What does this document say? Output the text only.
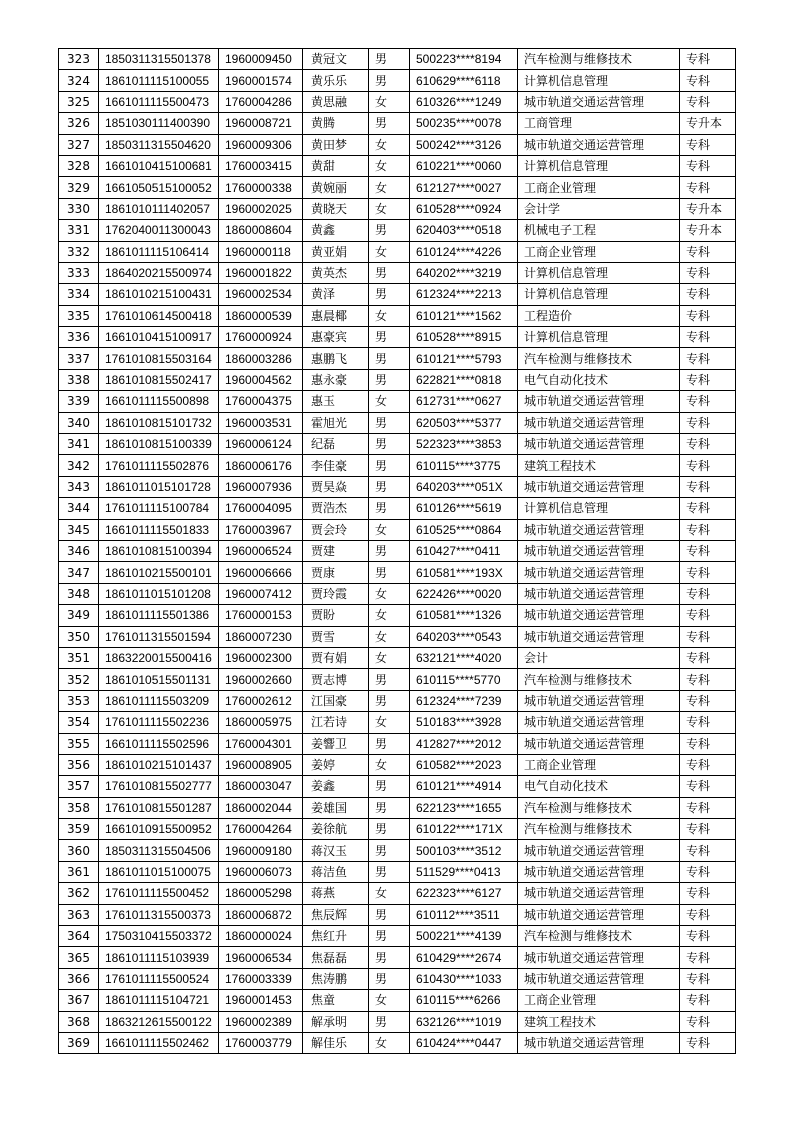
323	1850311315501378	1960009450	黄冠文	男	500223****8194	汽车检测与维修技术	专科
324	1861011115100055	1960001574	黄乐乐	男	610629****6118	计算机信息管理	专科
325	1661011115500473	1760004286	黄思融	女	610326****1249	城市轨道交通运营管理	专科
326	1851030111400390	1960008721	黄腾	男	500235****0078	工商管理	专升本
327	1850311315504620	1960009306	黄田梦	女	500242****3126	城市轨道交通运营管理	专科
328	1661010415100681	1760003415	黄甜	女	610221****0060	计算机信息管理	专科
329	1661050515100052	1760000338	黄婉丽	女	612127****0027	工商企业管理	专科
330	1861010111402057	1960002025	黄晓天	女	610528****0924	会计学	专升本
331	1762040011300043	1860008604	黄鑫	男	620403****0518	机械电子工程	专升本
332	1861011115106414	1960000118	黄亚娟	女	610124****4226	工商企业管理	专科
333	1864020215500974	1960001822	黄英杰	男	640202****3219	计算机信息管理	专科
334	1861010215100431	1960002534	黄泽	男	612324****2213	计算机信息管理	专科
335	1761010614500418	1860000539	惠晨椰	女	610121****1562	工程造价	专科
336	1661010415100917	1760000924	惠豪宾	男	610528****8915	计算机信息管理	专科
337	1761010815503164	1860003286	惠鹏飞	男	610121****5793	汽车检测与维修技术	专科
338	1861010815502417	1960004562	惠永豪	男	622821****0818	电气自动化技术	专科
339	1661011115500898	1760004375	惠玉	女	612731****0627	城市轨道交通运营管理	专科
340	1861010815101732	1960003531	霍旭光	男	620503****5377	城市轨道交通运营管理	专科
341	1861010815100339	1960006124	纪磊	男	522323****3853	城市轨道交通运营管理	专科
342	1761011115502876	1860006176	李佳豪	男	610115****3775	建筑工程技术	专科
343	1861011015101728	1960007936	贾昊焱	男	640203****051X	城市轨道交通运营管理	专科
344	1761011115100784	1760004095	贾浩杰	男	610126****5619	计算机信息管理	专科
345	1661011115501833	1760003967	贾会玲	女	610525****0864	城市轨道交通运营管理	专科
346	1861010815100394	1960006524	贾建	男	610427****0411	城市轨道交通运营管理	专科
347	1861010215500101	1960006666	贾康	男	610581****193X	城市轨道交通运营管理	专科
348	1861011015101208	1960007412	贾玲霞	女	622426****0020	城市轨道交通运营管理	专科
349	1861011115501386	1760000153	贾盼	女	610581****1326	城市轨道交通运营管理	专科
350	1761011315501594	1860007230	贾雪	女	640203****0543	城市轨道交通运营管理	专科
351	1863220015500416	1960002300	贾有娟	女	632121****4020	会计	专科
352	1861010515501131	1960002660	贾志博	男	610115****5770	汽车检测与维修技术	专科
353	1861011115503209	1760002612	江国豪	男	612324****7239	城市轨道交通运营管理	专科
354	1761011115502236	1860005975	江若诗	女	510183****3928	城市轨道交通运营管理	专科
355	1661011115502596	1760004301	姜響卫	男	412827****2012	城市轨道交通运营管理	专科
356	1861010215101437	1960008905	姜婷	女	610582****2023	工商企业管理	专科
357	1761010815502777	1860003047	姜鑫	男	610121****4914	电气自动化技术	专科
358	1761010815501287	1860002044	姜雄国	男	622123****1655	汽车检测与维修技术	专科
359	1661010915500952	1760004264	姜徐航	男	610122****171X	汽车检测与维修技术	专科
360	1850311315504506	1960009180	蒋汉玉	男	500103****3512	城市轨道交通运营管理	专科
361	1861011015100075	1960006073	蒋洁鱼	男	511529****0413	城市轨道交通运营管理	专科
362	1761011115500452	1860005298	蒋燕	女	622323****6127	城市轨道交通运营管理	专科
363	1761011315500373	1860006872	焦辰辉	男	610112****3511	城市轨道交通运营管理	专科
364	1750310415503372	1860000024	焦红升	男	500221****4139	汽车检测与维修技术	专科
365	1861011115103939	1960006534	焦磊磊	男	610429****2674	城市轨道交通运营管理	专科
366	1761011115500524	1760003339	焦涛鹏	男	610430****1033	城市轨道交通运营管理	专科
367	1861011115104721	1960001453	焦童	女	610115****6266	工商企业管理	专科
368	1863212615500122	1960002389	解承明	男	632126****1019	建筑工程技术	专科
369	1661011115502462	1760003779	解佳乐	女	610424****0447	城市轨道交通运营管理	专科
